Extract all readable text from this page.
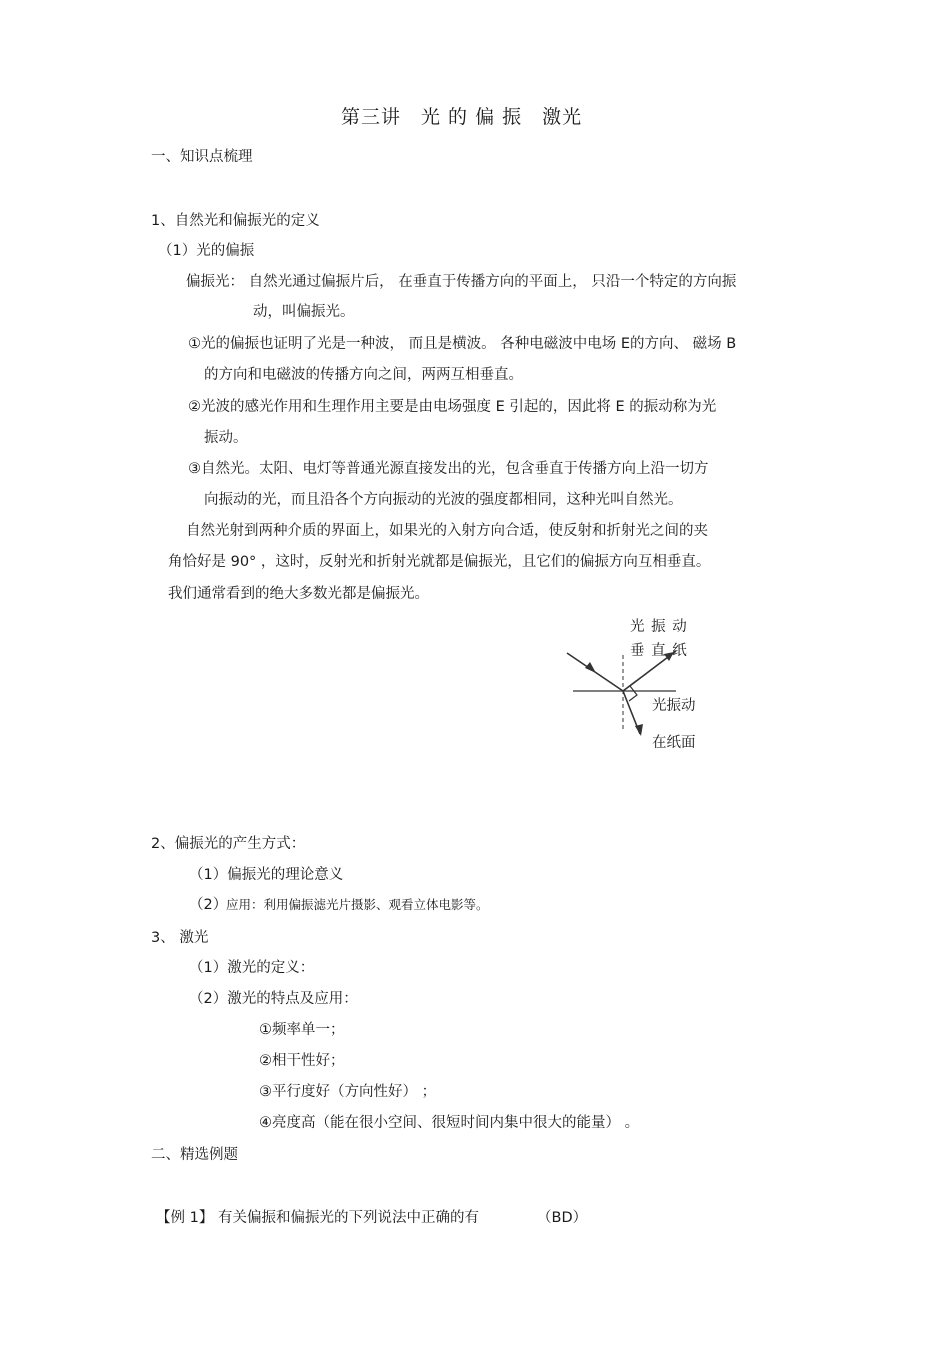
第三讲　光 的 偏 振　激光
一、知识点梳理
1、自然光和偏振光的定义
（1）光的偏振
偏振光： 自然光通过偏振片后， 在垂直于传播方向的平面上， 只沿一个特定的方向振
动，叫偏振光。
①光的偏振也证明了光是一种波， 而且是横波。 各种电磁波中电场 E的方向、 磁场 B
的方向和电磁波的传播方向之间，两两互相垂直。
②光波的感光作用和生理作用主要是由电场强度 E 引起的，因此将 E 的振动称为光
振动。
③自然光。太阳、电灯等普通光源直接发出的光，包含垂直于传播方向上沿一切方
向振动的光，而且沿各个方向振动的光波的强度都相同，这种光叫自然光。
自然光射到两种介质的界面上，如果光的入射方向合适，使反射和折射光之间的夹
角恰好是 90° ，这时，反射光和折射光就都是偏振光，且它们的偏振方向互相垂直。
我们通常看到的绝大多数光都是偏振光。
光 振 动
垂 直 纸
光振动
在纸面
2、偏振光的产生方式：
（1）偏振光的理论意义
（2）
应用：利用偏振滤光片摄影、观看立体电影等。
3、 激光
（1）激光的定义：
（2）激光的特点及应用：
①频率单一；
②相干性好；
③平行度好（方向性好） ；
④亮度高（能在很小空间、很短时间内集中很大的能量） 。
二、精选例题
【例 1】 有关偏振和偏振光的下列说法中正确的有	（BD）
